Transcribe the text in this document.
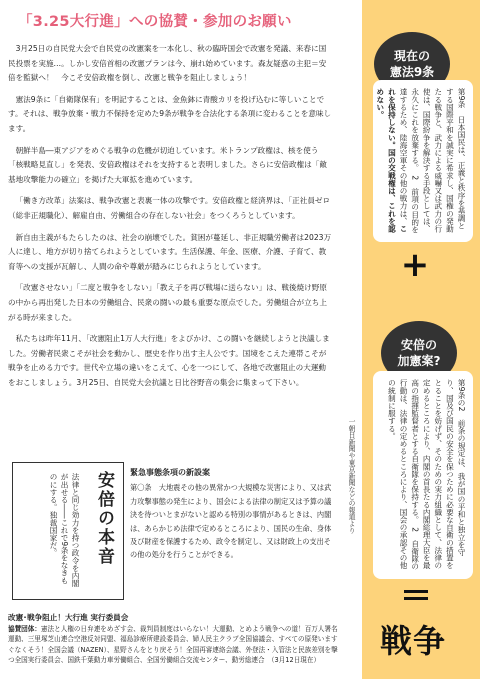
「3.25大行進」への協賛・参加のお願い

3月25日の自民党大会で自民党の改憲案を一本化し、秋の臨時国会で改憲を発議、来春に国民投票を実施…。しかし安倍首相の改憲プランは今、崩れ始めています。森友疑惑の主犯＝安倍を監獄へ！　今こそ安倍政権を倒し、改憲と戦争を阻止しましょう！

憲法9条に「自衛隊保有」を明記することは、金魚鉢に青酸カリを投げ込むに等しいことです。それは、戦争放棄・戦力不保持を定めた9条が戦争を合法化する条項に変わることを意味します。

朝鮮半島―東アジアをめぐる戦争の危機が切迫しています。米トランプ政権は、核を使う「核戦略見直し」を発表、安倍政権はそれを支持すると表明しました。さらに安倍政権は「敵基地攻撃能力の確立」を掲げた大軍拡を進めています。

「働き方改革」法案は、戦争改憲と表裏一体の攻撃です。安倍政権と経済界は、「正社員ゼロ（総非正規職化）、解雇自由、労働組合の存在しない社会」をつくろうとしています。

新自由主義がもたらしたのは、社会の崩壊でした。貧困が蔓延し、非正規職労働者は2023万人に達し、地方が切り捨てられようとしています。生活保護、年金、医療、介護、子育て、教育等への支援が瓦解し、人間の命や尊厳が踏みにじられようとしています。

「改憲させない」「二度と戦争をしない」「教え子を再び戦場に送らない」は、戦後焼け野原の中から再出発した日本の労働組合、民衆の闘いの最も重要な原点でした。労働組合が立ち上がる時が来ました。

私たちは昨年11月、「改憲阻止1万人大行進」をよびかけ、この闘いを継続しようと決議しました。労働者民衆こそが社会を動かし、歴史を作り出す主人公です。国境をこえた連帯こそが戦争を止める力です。世代や立場の違いをこえて、心を一つにして、各地で改憲阻止の大運動をおこしましょう。3月25日、自民党大会抗議と日比谷野音の集会に集まって下さい。

安倍の本音
法律と同じ効力を持つ政令を内閣が出せる――これで9条をなきものにする。独裁国家だ。
緊急事態条項の新設案
第〇条　大地震その他の異常かつ大規模な災害により、又は武力攻撃事態の発生により、国会による法律の制定又は予算の議決を待ついとまがないと認める特別の事情があるときは、内閣は、あらかじめ法律で定めるところにより、国民の生命、身体及び財産を保護するため、政令を制定し、又は財政上の支出その他の処分を行うことができる。
改憲･戦争阻止！大行進 実行委員会
協賛団体：憲法と人権の日弁連をめざす会、裁判員制度はいらない！大運動、とめよう戦争への道！百万人署名運動、三里塚芝山連合空港反対同盟、福島診療所建設委員会、婦人民主クラブ全国協議会、すべての原発いますぐなくそう！全国会議（NAZEN）、星野さんをとり戻そう！全国再審連絡会議、外登法・入管法と民族差別を撃つ全国実行委員会、国鉄千葉動力車労働組合、全国労働組合交流センター、動労総連合　（3月12日現在）
一朝日新聞や東京新聞などの報道より
現在の
憲法9条
第9条　日本国民は、正義と秩序を基調とする国際平和を誠実に希求し、国権の発動たる戦争と、武力による威嚇又は武力の行使は、国際紛争を解決する手段としては、永久にこれを放棄する。　2　前項の目的を達するため、陸海空軍その他の戦力は、これを保持しない。国の交戦権は、これを認めない。
+
安倍の
加憲案?
第9条の2　前条の規定は、我が国の平和と独立を守り、国及び国民の安全を保つために必要な自衛の措置をとることを妨げず、そのための実力組織として、法律の定めるところにより、内閣の首長たる内閣総理大臣を最高の指揮監督者とする自衛隊を保持する。　2　自衛隊の行動は、法律の定めるところにより、国会の承認その他の統制に服する。
戦争
